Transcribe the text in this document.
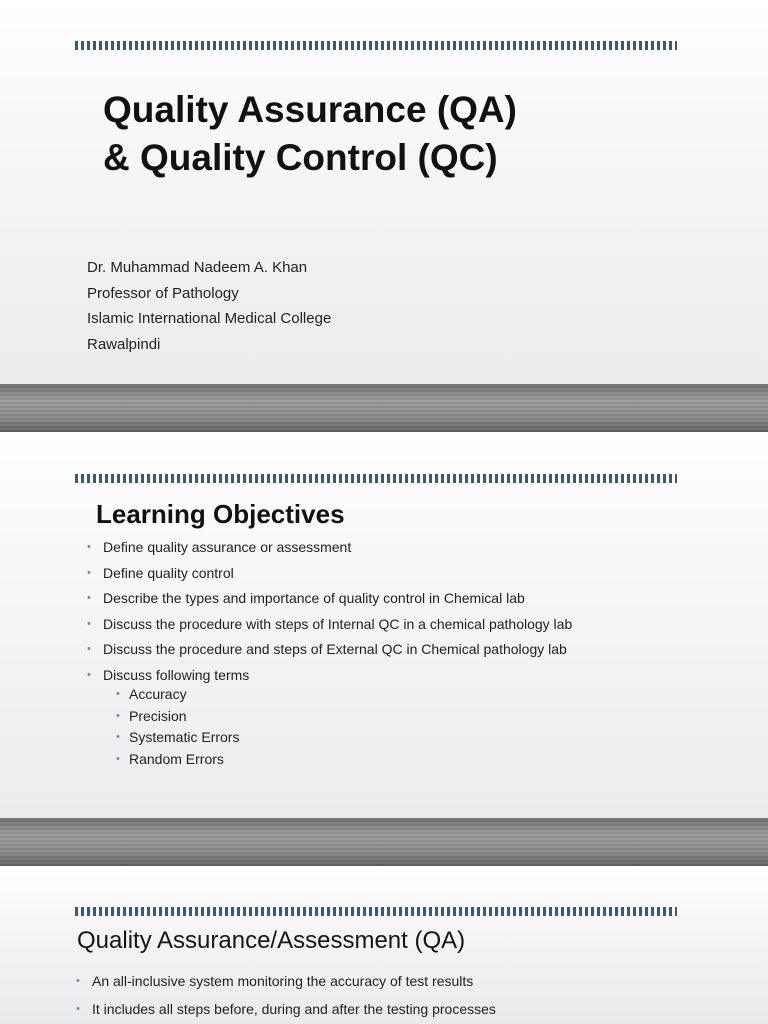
Quality Assurance (QA)
& Quality Control (QC)
Dr. Muhammad Nadeem A. Khan
Professor of Pathology
Islamic International Medical College
Rawalpindi
Learning Objectives
• Define quality assurance or assessment
• Define quality control
• Describe the types and importance of quality control in Chemical lab
• Discuss the procedure with steps of Internal QC in a chemical pathology lab
• Discuss the procedure and steps of External QC in Chemical pathology lab
• Discuss following terms
• Accuracy
• Precision
• Systematic Errors
• Random Errors
Quality Assurance/Assessment (QA)
• An all-inclusive system monitoring the accuracy of test results
• It includes all steps before, during and after the testing processes
